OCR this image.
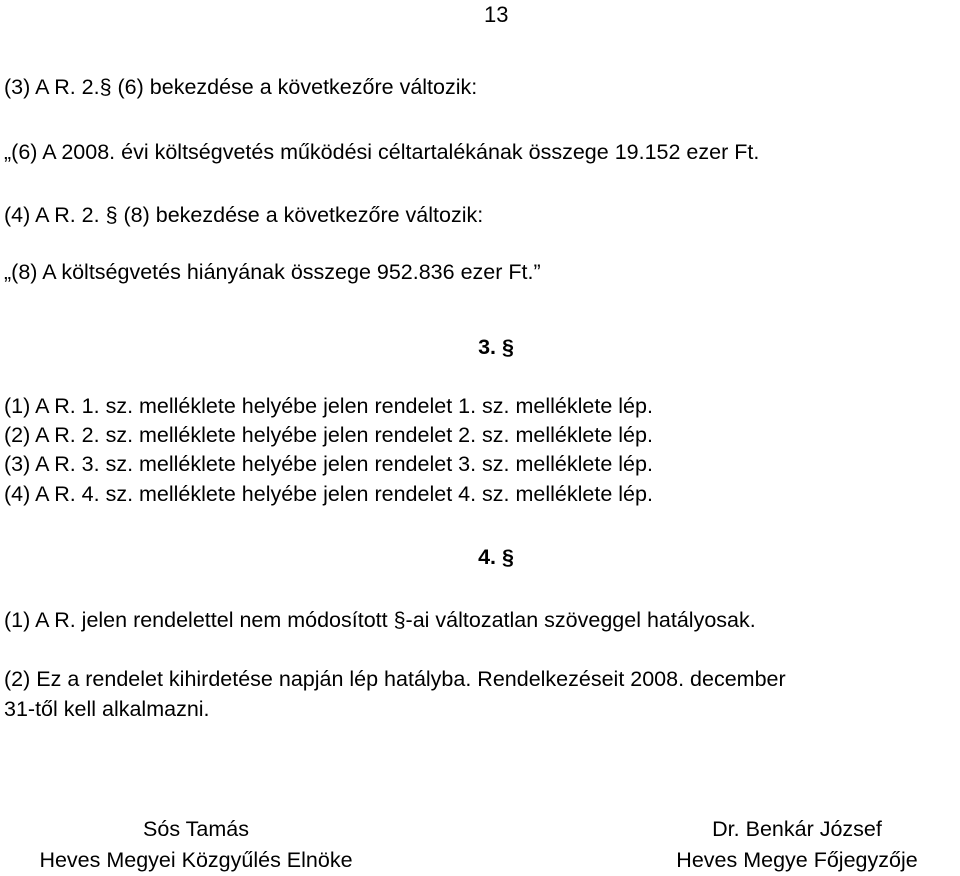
13
(3) A R. 2.§ (6) bekezdése a következőre változik:
„(6) A 2008. évi költségvetés működési céltartalékának összege 19.152 ezer Ft.
(4) A R. 2. § (8) bekezdése a következőre változik:
„(8) A költségvetés hiányának összege 952.836 ezer Ft.”
3. §
(1) A R. 1. sz. melléklete helyébe jelen rendelet 1. sz. melléklete lép.
(2) A R. 2. sz. melléklete helyébe jelen rendelet 2. sz. melléklete lép.
(3) A R. 3. sz. melléklete helyébe jelen rendelet 3. sz. melléklete lép.
(4) A R. 4. sz. melléklete helyébe jelen rendelet 4. sz. melléklete lép.
4. §
(1) A R. jelen rendelettel nem módosított §-ai változatlan szöveggel hatályosak.
(2) Ez a rendelet kihirdetése napján lép hatályba. Rendelkezéseit 2008. december
31-től kell alkalmazni.
Sós Tamás
Heves Megyei Közgyűlés Elnöke
Dr. Benkár József
Heves Megye Főjegyzője
